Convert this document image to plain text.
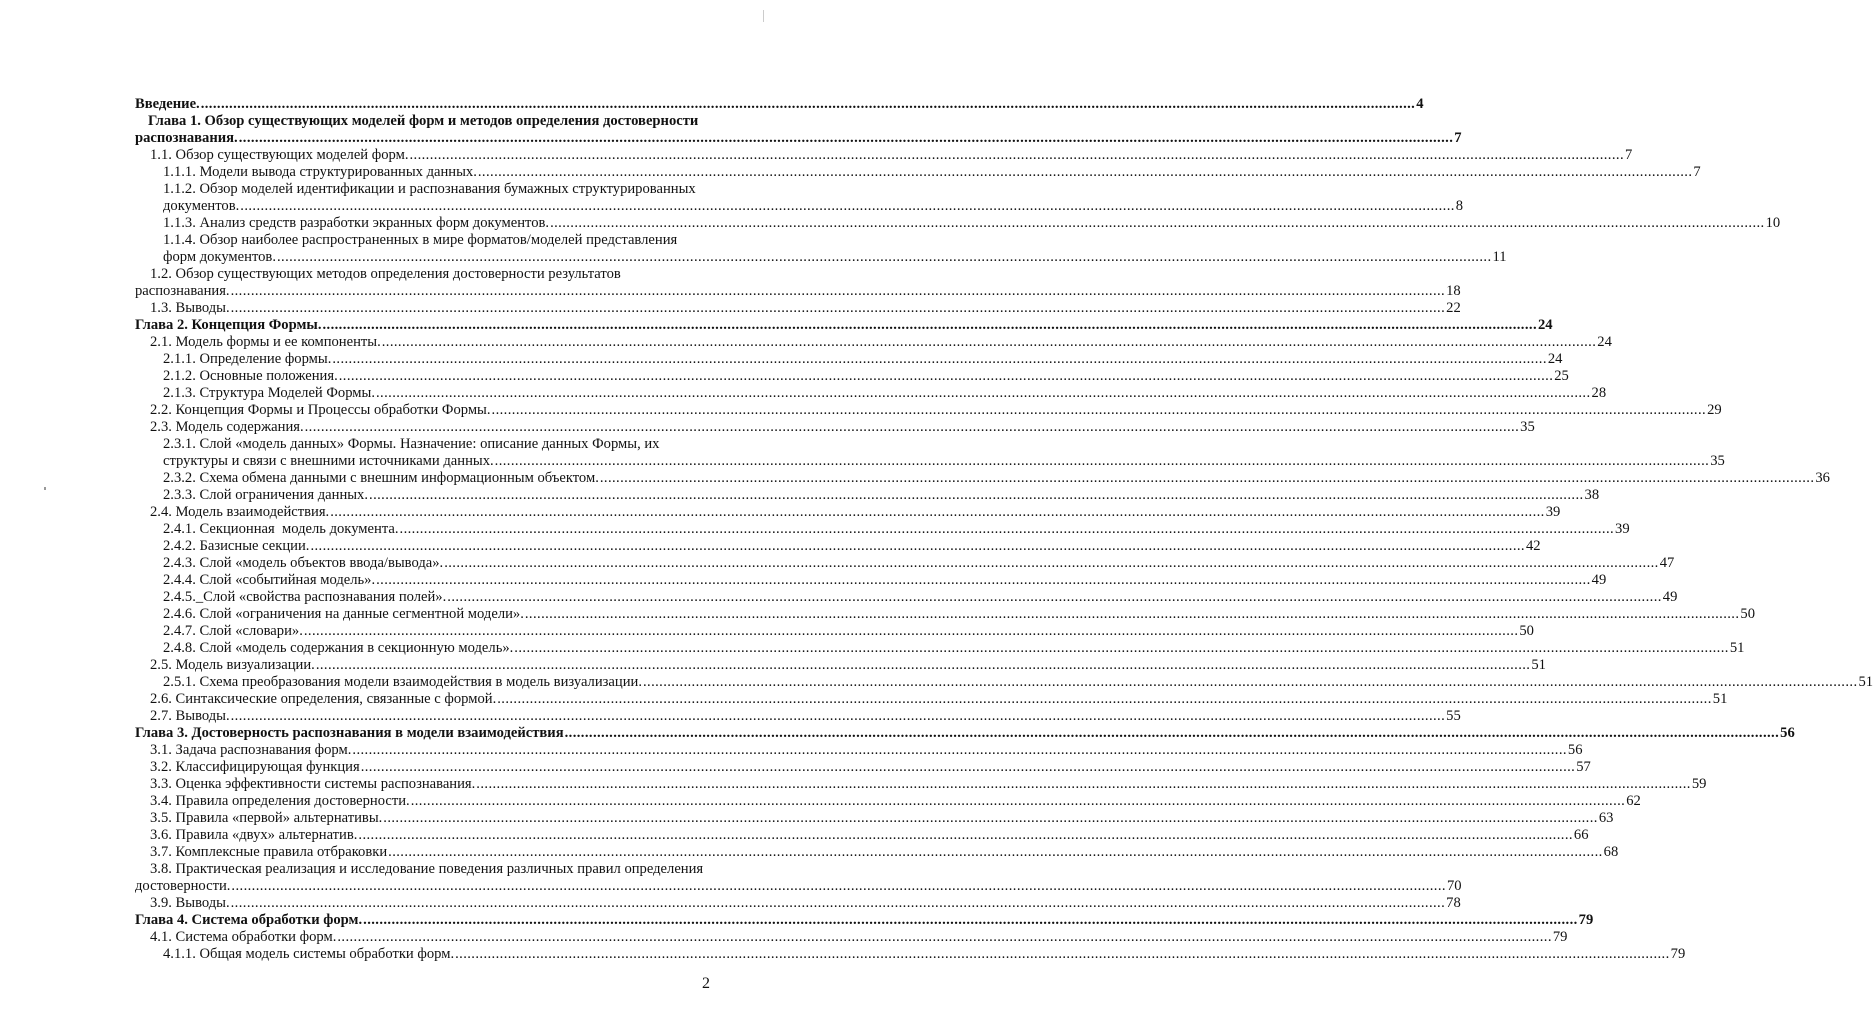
Введение. ............................................................................................................................................................................................................................................................................................................ 4
Глава 1. Обзор существующих моделей форм и методов определения достоверности
распознавания. ............................................................................................................................................................................................................................................................................................................ 7
1.1. Обзор существующих моделей форм. ............................................................................................................................................................................................................................................................................................................ 7
1.1.1. Модели вывода структурированных данных. ............................................................................................................................................................................................................................................................................................................ 7
1.1.2. Обзор моделей идентификации и распознавания бумажных структурированных
документов. ............................................................................................................................................................................................................................................................................................................ 8
1.1.3. Анализ средств разработки экранных форм документов. ............................................................................................................................................................................................................................................................................................................ 10
1.1.4. Обзор наиболее распространенных в мире форматов/моделей представления
форм документов. ............................................................................................................................................................................................................................................................................................................ 11
1.2. Обзор существующих методов определения достоверности результатов
распознавания. ............................................................................................................................................................................................................................................................................................................ 18
1.3. Выводы. ............................................................................................................................................................................................................................................................................................................ 22
Глава 2. Концепция Формы. ............................................................................................................................................................................................................................................................................................................ 24
2.1. Модель формы и ее компоненты. ............................................................................................................................................................................................................................................................................................................ 24
2.1.1. Определение формы. ............................................................................................................................................................................................................................................................................................................ 24
2.1.2. Основные положения. ............................................................................................................................................................................................................................................................................................................ 25
2.1.3. Структура Моделей Формы. ............................................................................................................................................................................................................................................................................................................ 28
2.2. Концепция Формы и Процессы обработки Формы. ............................................................................................................................................................................................................................................................................................................ 29
2.3. Модель содержания. ............................................................................................................................................................................................................................................................................................................ 35
2.3.1. Слой «модель данных» Формы. Назначение: описание данных Формы, их
структуры и связи с внешними источниками данных. ............................................................................................................................................................................................................................................................................................................ 35
2.3.2. Схема обмена данными с внешним информационным объектом. ............................................................................................................................................................................................................................................................................................................ 36
2.3.3. Слой ограничения данных. ............................................................................................................................................................................................................................................................................................................ 38
2.4. Модель взаимодействия. ............................................................................................................................................................................................................................................................................................................ 39
2.4.1. Секционная  модель документа. ............................................................................................................................................................................................................................................................................................................ 39
2.4.2. Базисные секции. ............................................................................................................................................................................................................................................................................................................ 42
2.4.3. Слой «модель объектов ввода/вывода». ............................................................................................................................................................................................................................................................................................................ 47
2.4.4. Слой «событийная модель». ............................................................................................................................................................................................................................................................................................................ 49
2.4.5._Слой «свойства распознавания полей». ............................................................................................................................................................................................................................................................................................................ 49
2.4.6. Слой «ограничения на данные сегментной модели». ............................................................................................................................................................................................................................................................................................................ 50
2.4.7. Слой «словари». ............................................................................................................................................................................................................................................................................................................ 50
2.4.8. Слой «модель содержания в секционную модель». ............................................................................................................................................................................................................................................................................................................ 51
2.5. Модель визуализации. ............................................................................................................................................................................................................................................................................................................ 51
2.5.1. Схема преобразования модели взаимодействия в модель визуализации. ............................................................................................................................................................................................................................................................................................................ 51
2.6. Синтаксические определения, связанные с формой. ............................................................................................................................................................................................................................................................................................................ 51
2.7. Выводы. ............................................................................................................................................................................................................................................................................................................ 55
Глава 3. Достоверность распознавания в модели взаимодействия ............................................................................................................................................................................................................................................................................................................ 56
3.1. Задача распознавания форм. ............................................................................................................................................................................................................................................................................................................ 56
3.2. Классифицирующая функция ............................................................................................................................................................................................................................................................................................................ 57
3.3. Оценка эффективности системы распознавания. ............................................................................................................................................................................................................................................................................................................ 59
3.4. Правила определения достоверности. ............................................................................................................................................................................................................................................................................................................ 62
3.5. Правила «первой» альтернативы. ............................................................................................................................................................................................................................................................................................................ 63
3.6. Правила «двух» альтернатив. ............................................................................................................................................................................................................................................................................................................ 66
3.7. Комплексные правила отбраковки ............................................................................................................................................................................................................................................................................................................ 68
3.8. Практическая реализация и исследование поведения различных правил определения
достоверности. ............................................................................................................................................................................................................................................................................................................ 70
3.9. Выводы. ............................................................................................................................................................................................................................................................................................................ 78
Глава 4. Система обработки форм. ............................................................................................................................................................................................................................................................................................................ 79
4.1. Система обработки форм. ............................................................................................................................................................................................................................................................................................................ 79
4.1.1. Общая модель системы обработки форм. ............................................................................................................................................................................................................................................................................................................ 79
2
